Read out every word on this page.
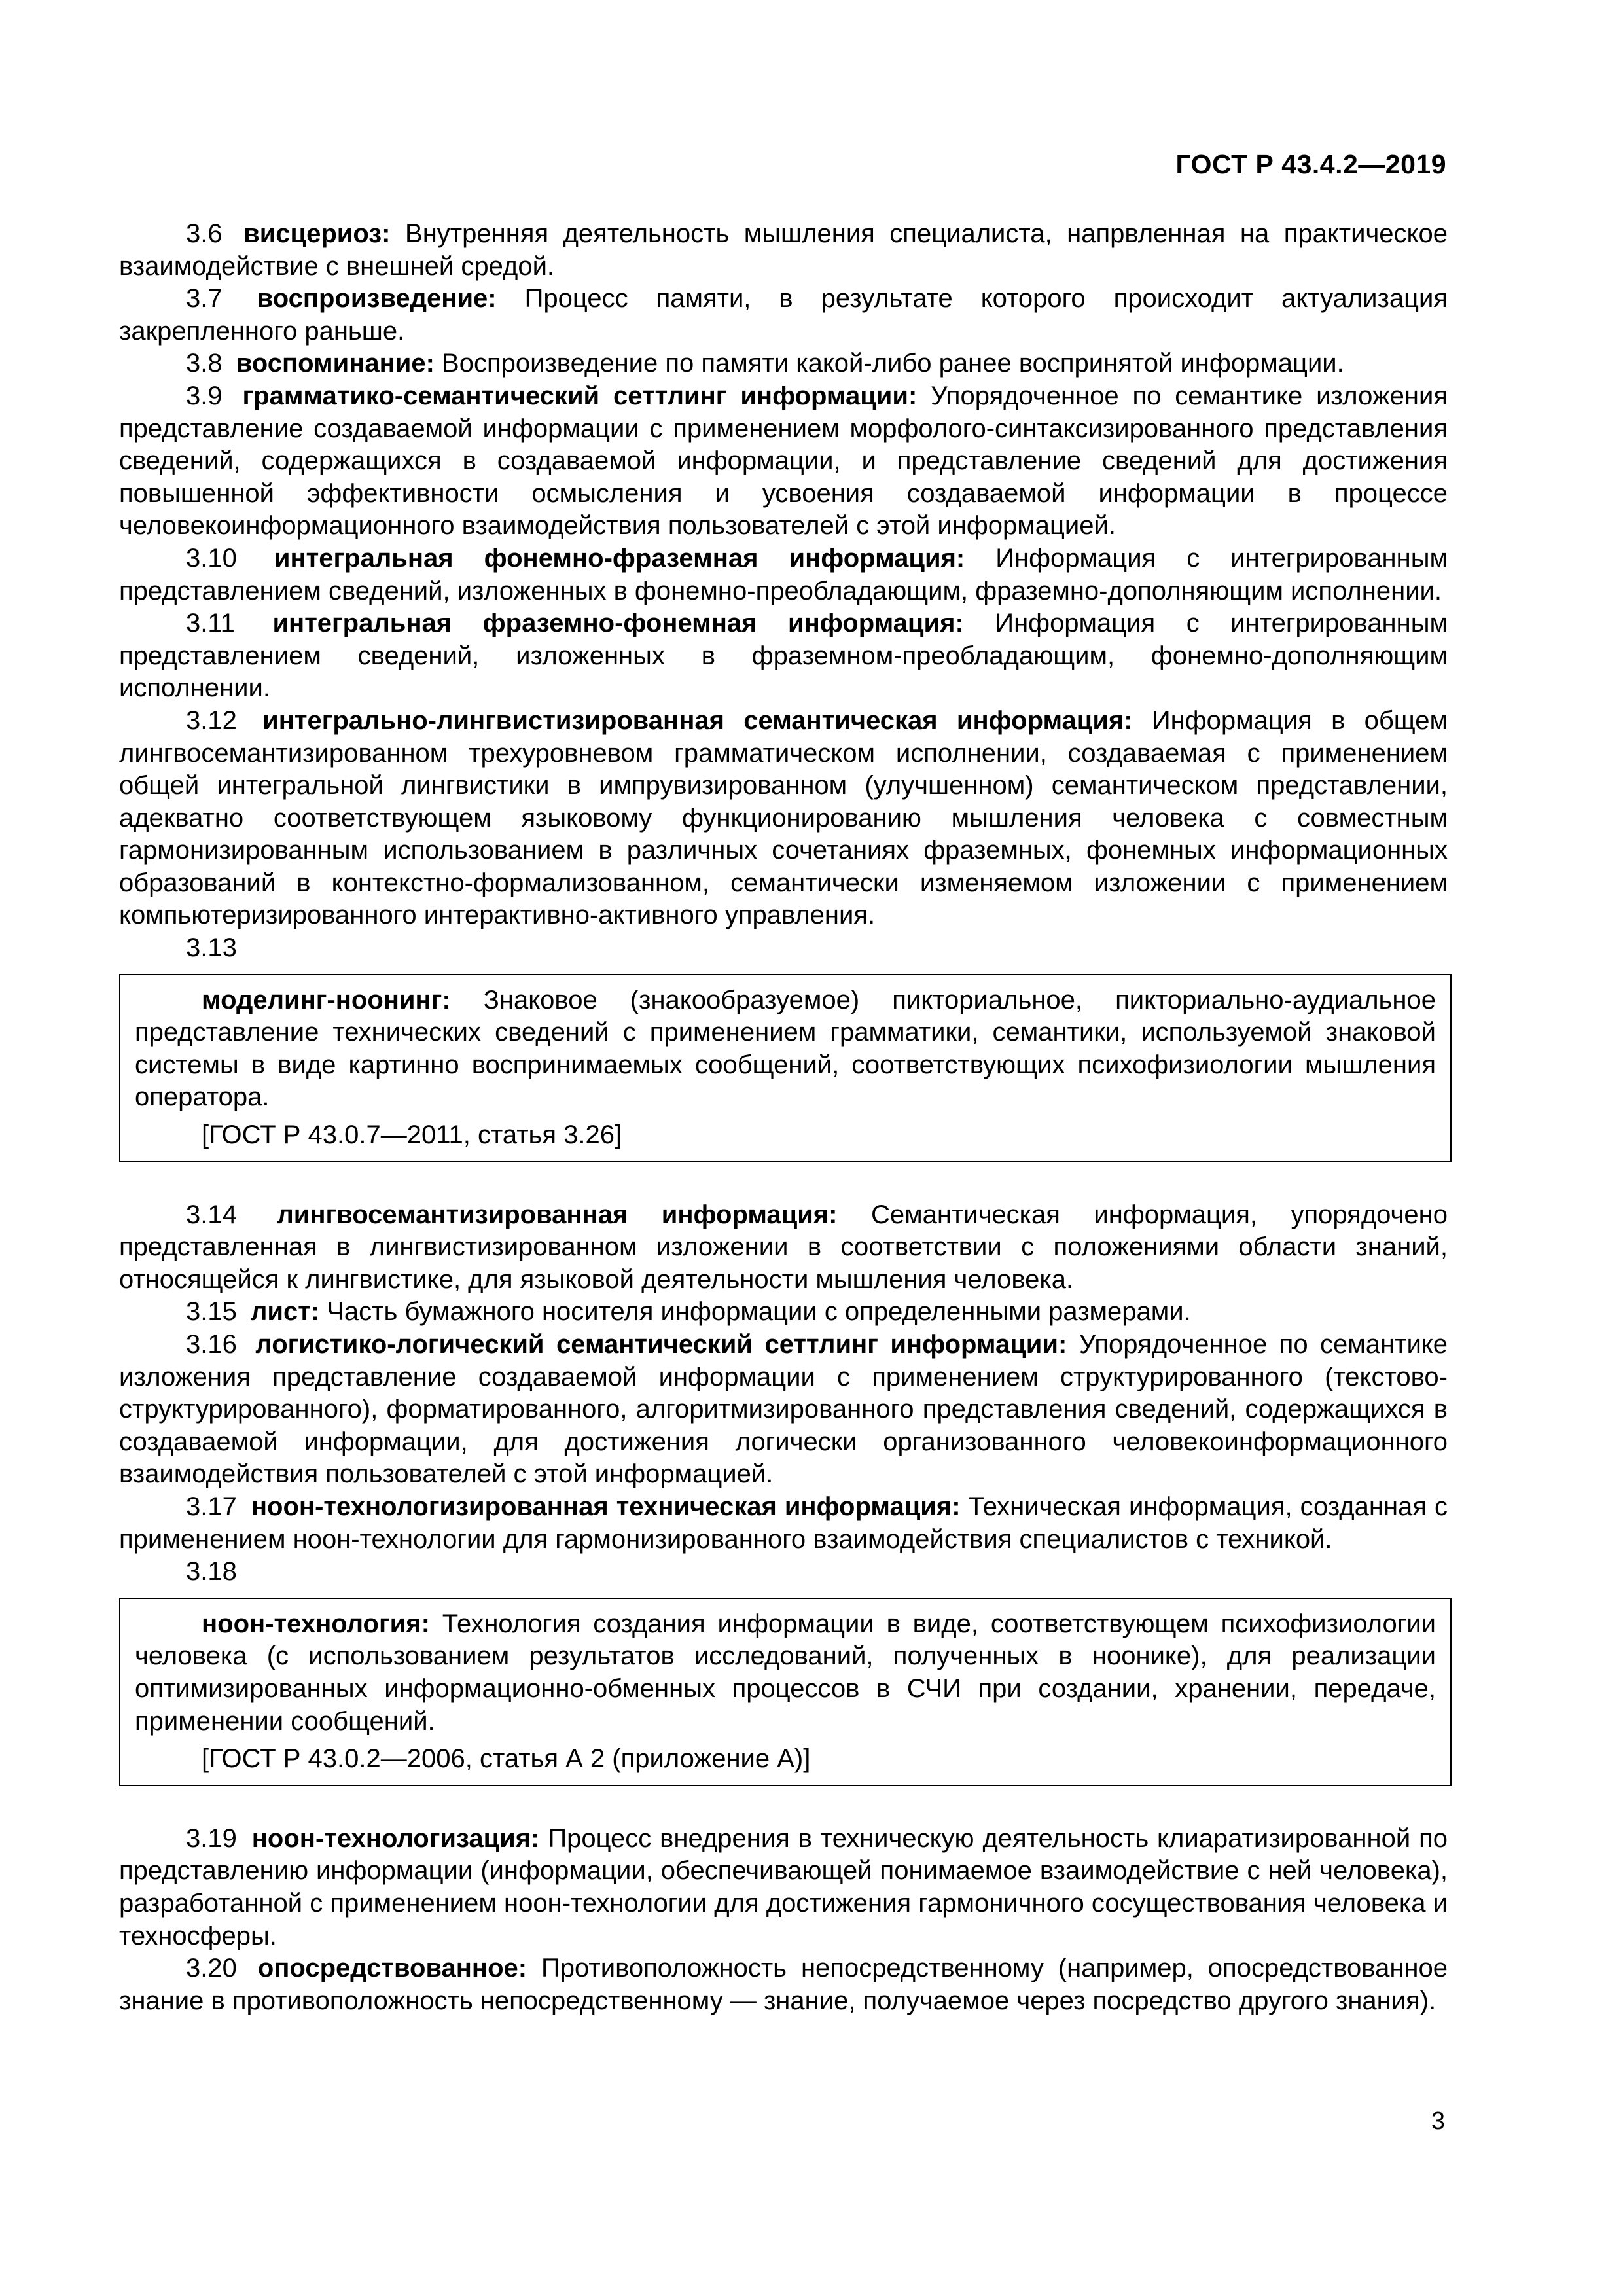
ГОСТ Р 43.4.2—2019

3.6 висцериоз: Внутренняя деятельность мышления специалиста, напрвленная на практическое взаимодействие с внешней средой.

3.7 воспроизведение: Процесс памяти, в результате которого происходит актуализация закрепленного раньше.

3.8 воспоминание: Воспроизведение по памяти какой-либо ранее воспринятой информации.

3.9 грамматико-семантический сеттлинг информации: Упорядоченное по семантике изложения представление создаваемой информации с применением морфолого-синтаксизированного представления сведений, содержащихся в создаваемой информации, и представление сведений для достижения повышенной эффективности осмысления и усвоения создаваемой информации в процессе человекоинформационного взаимодействия пользователей с этой информацией.

3.10 интегральная фонемно-фраземная информация: Информация с интегрированным представлением сведений, изложенных в фонемно-преобладающим, фраземно-дополняющим исполнении.

3.11 интегральная фраземно-фонемная информация: Информация с интегрированным представлением сведений, изложенных в фраземном-преобладающим, фонемно-дополняющим исполнении.

3.12 интегрально-лингвистизированная семантическая информация: Информация в общем лингвосемантизированном трехуровневом грамматическом исполнении, создаваемая с применением общей интегральной лингвистики в импрувизированном (улучшенном) семантическом представлении, адекватно соответствующем языковому функционированию мышления человека с совместным гармонизированным использованием в различных сочетаниях фраземных, фонемных информационных образований в контекстно-формализованном, семантически изменяемом изложении с применением компьютеризированного интерактивно-активного управления.

3.13

моделинг-ноонинг: Знаковое (знакообразуемое) пикториальное, пикториально-аудиальное представление технических сведений с применением грамматики, семантики, используемой знаковой системы в виде картинно воспринимаемых сообщений, соответствующих психофизиологии мышления оператора.

[ГОСТ Р 43.0.7—2011, статья 3.26]

3.14 лингвосемантизированная информация: Семантическая информация, упорядочено представленная в лингвистизированном изложении в соответствии с положениями области знаний, относящейся к лингвистике, для языковой деятельности мышления человека.

3.15 лист: Часть бумажного носителя информации с определенными размерами.

3.16 логистико-логический семантический сеттлинг информации: Упорядоченное по семантике изложения представление создаваемой информации с применением структурированного (текстово-структурированного), форматированного, алгоритмизированного представления сведений, содержащихся в создаваемой информации, для достижения логически организованного человекоинформационного взаимодействия пользователей с этой информацией.

3.17 ноон-технологизированная техническая информация: Техническая информация, созданная с применением ноон-технологии для гармонизированного взаимодействия специалистов с техникой.

3.18

ноон-технология: Технология создания информации в виде, соответствующем психофизиологии человека (с использованием результатов исследований, полученных в ноонике), для реализации оптимизированных информационно-обменных процессов в СЧИ при создании, хранении, передаче, применении сообщений.

[ГОСТ Р 43.0.2—2006, статья А 2 (приложение А)]

3.19 ноон-технологизация: Процесс внедрения в техническую деятельность клиаратизированной по представлению информации (информации, обеспечивающей понимаемое взаимодействие с ней человека), разработанной с применением ноон-технологии для достижения гармоничного сосуществования человека и техносферы.

3.20 опосредствованное: Противоположность непосредственному (например, опосредствованное знание в противоположность непосредственному — знание, получаемое через посредство другого знания).

3
